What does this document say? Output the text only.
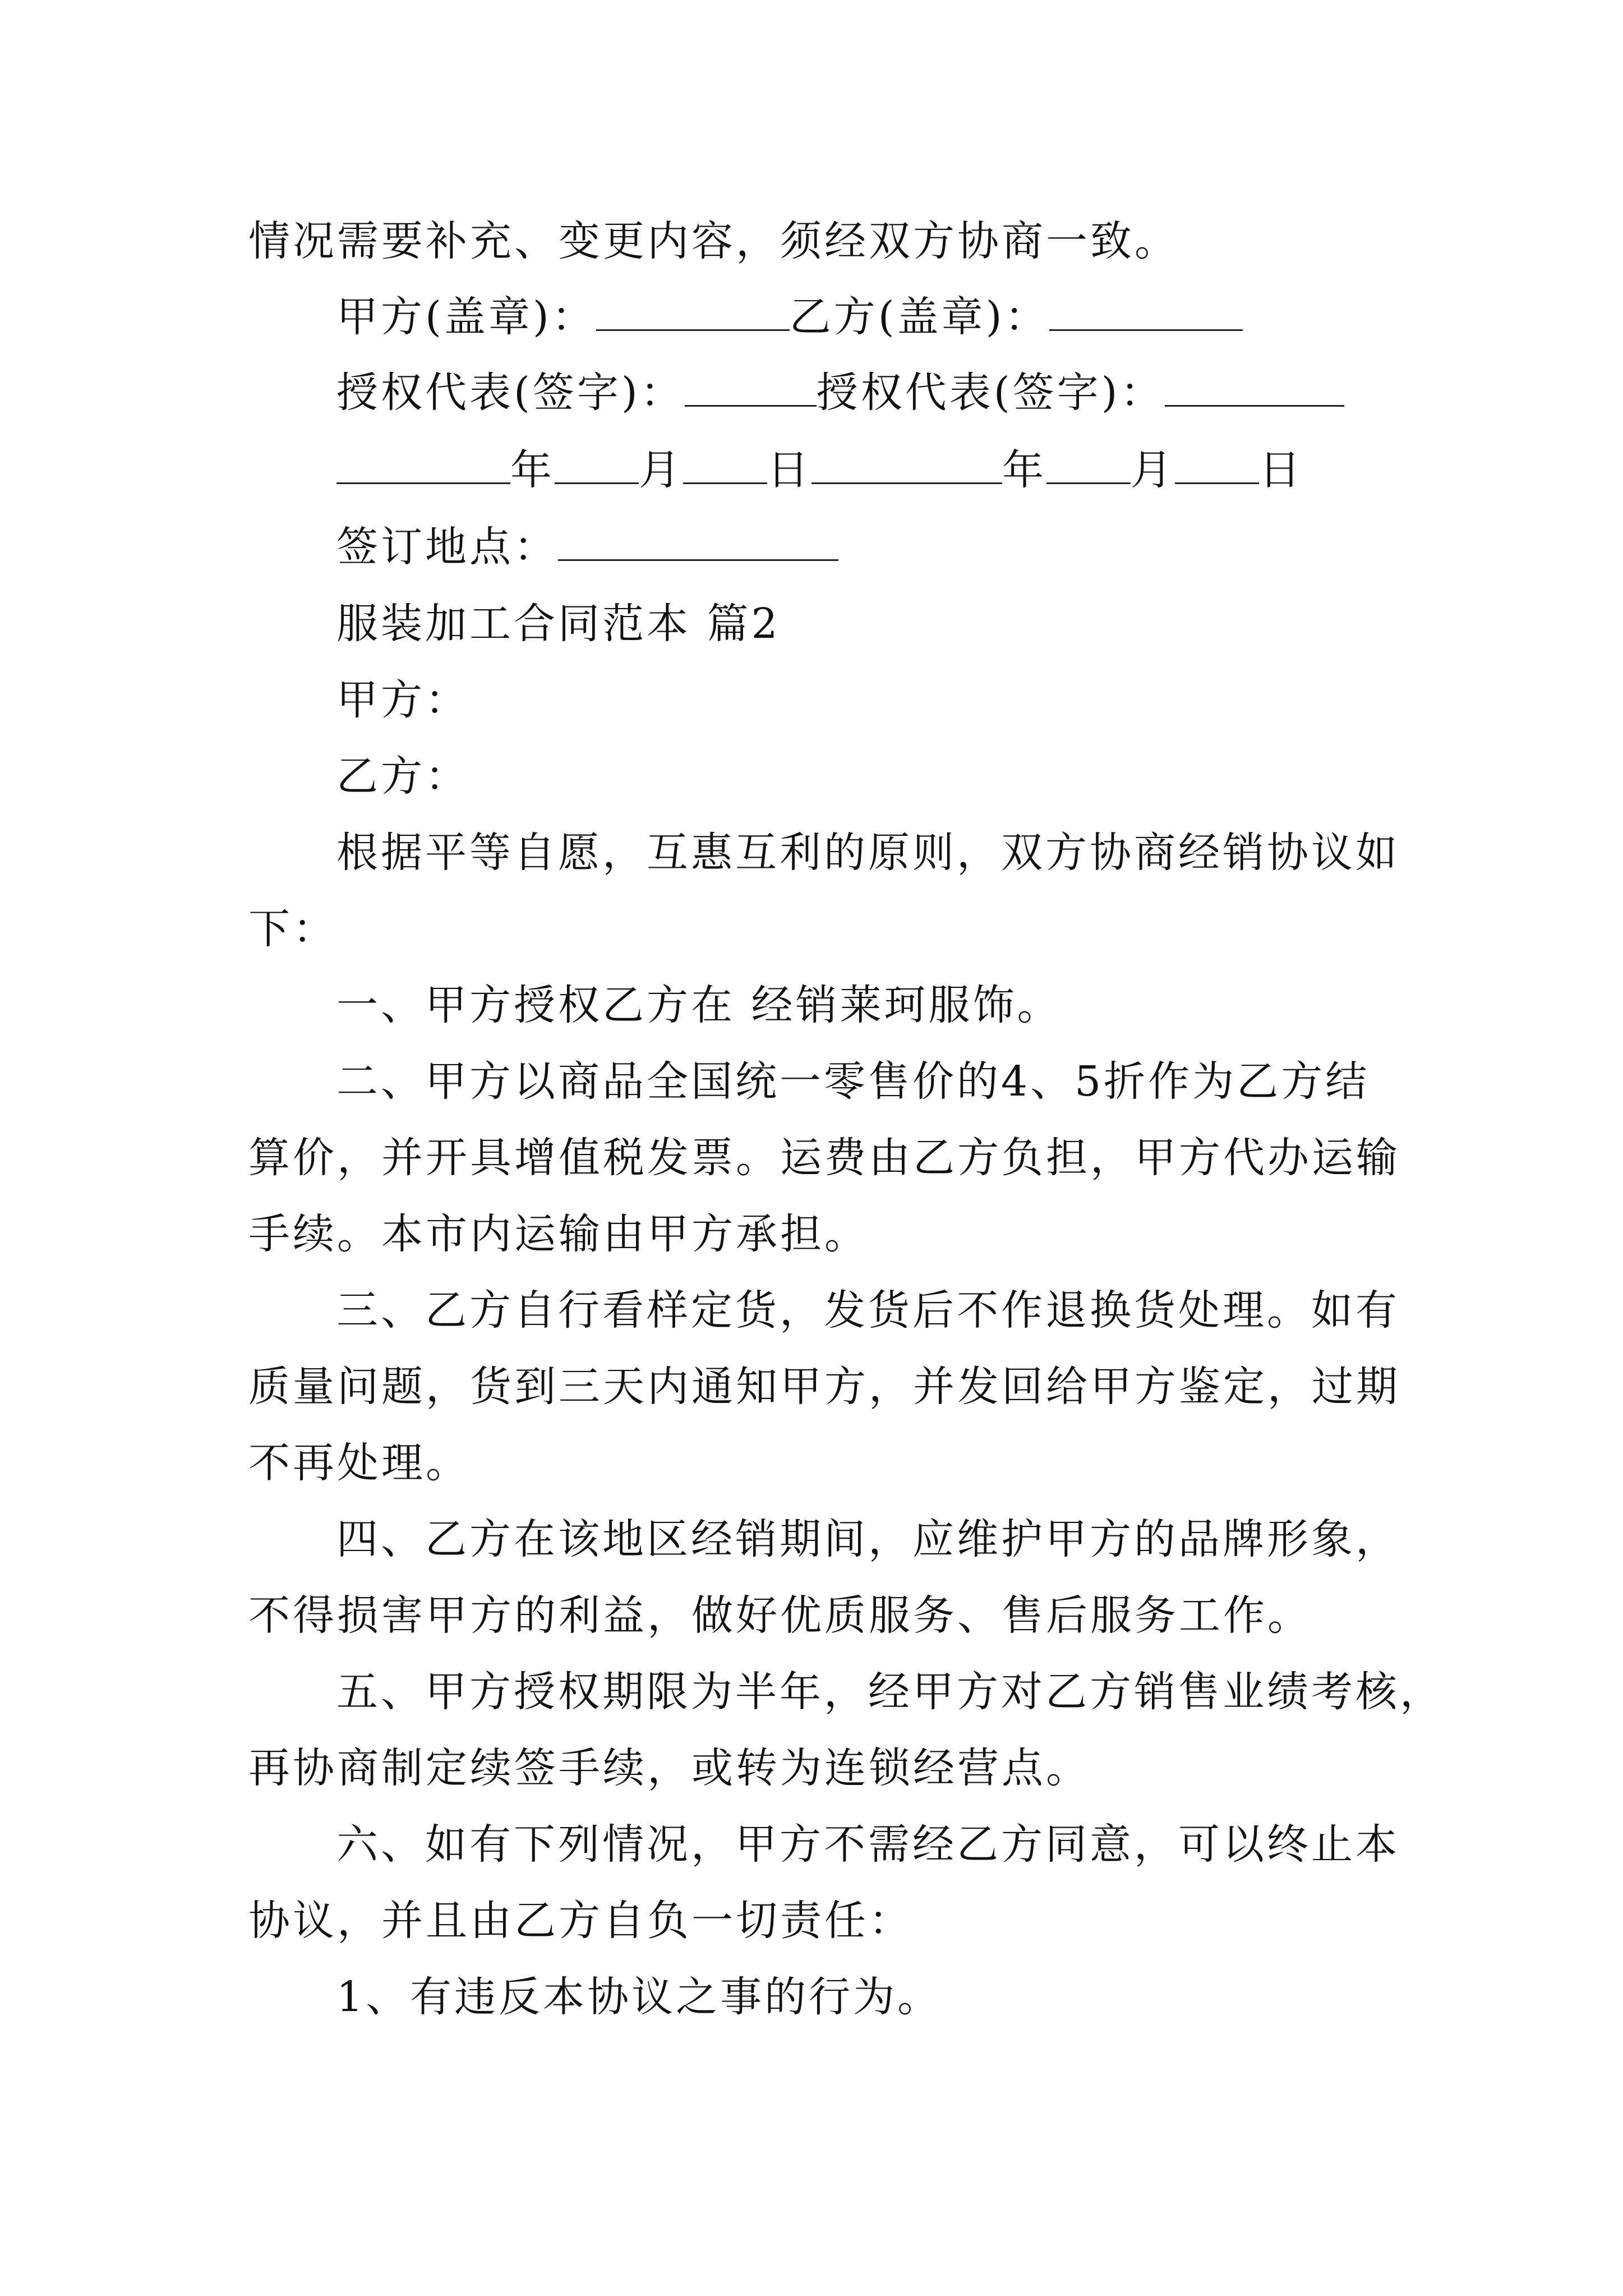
情况需要补充、变更内容，须经双方协商一致。
甲方(盖章)：	乙方(盖章)：
授权代表(签字)：	授权代表(签字)：
年 月 日	年 月 日
签订地点：
服装加工合同范本 篇2
甲方：
乙方：
根据平等自愿，互惠互利的原则，双方协商经销协议如
下：
一、甲方授权乙方在 经销莱珂服饰。
二、甲方以商品全国统一零售价的4、5折作为乙方结
算价，并开具增值税发票。运费由乙方负担，甲方代办运输
手续。本市内运输由甲方承担。
三、乙方自行看样定货，发货后不作退换货处理。如有
质量问题，货到三天内通知甲方，并发回给甲方鉴定，过期
不再处理。
四、乙方在该地区经销期间，应维护甲方的品牌形象，
不得损害甲方的利益，做好优质服务、售后服务工作。
五、甲方授权期限为半年，经甲方对乙方销售业绩考核，
再协商制定续签手续，或转为连锁经营点。
六、如有下列情况，甲方不需经乙方同意，可以终止本
协议，并且由乙方自负一切责任：
1、有违反本协议之事的行为。
